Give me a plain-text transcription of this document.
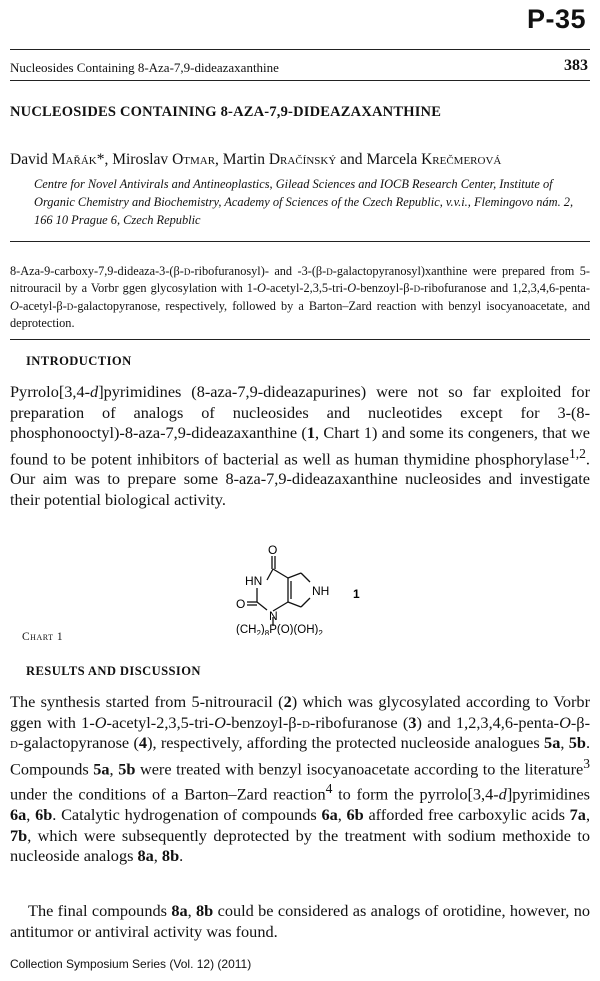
P-35
Nucleosides Containing 8-Aza-7,9-dideazaxanthine	383
NUCLEOSIDES CONTAINING 8-AZA-7,9-DIDEAZAXANTHINE
David Mařák*, Miroslav Otmar, Martin Dračínský and Marcela Krečmerová
Centre for Novel Antivirals and Antineoplastics, Gilead Sciences and IOCB Research Center, Institute of Organic Chemistry and Biochemistry, Academy of Sciences of the Czech Republic, v.v.i., Flemingovo nám. 2, 166 10 Prague 6, Czech Republic
8-Aza-9-carboxy-7,9-dideaza-3-(β-d-ribofuranosyl)- and -3-(β-d-galactopyranosyl)xanthine were prepared from 5-nitrouracil by a Vorbr ggen glycosylation with 1-O-acetyl-2,3,5-tri-O-benzoyl-β-d-ribofuranose and 1,2,3,4,6-penta-O-acetyl-β-d-galactopyranose, respectively, followed by a Barton–Zard reaction with benzyl isocyanoacetate, and deprotection.
INTRODUCTION
Pyrrolo[3,4-d]pyrimidines (8-aza-7,9-dideazapurines) were not so far exploited for preparation of analogs of nucleosides and nucleotides except for 3-(8-phosphonooctyl)-8-aza-7,9-dideazaxanthine (1, Chart 1) and some its congeners, that we found to be potent inhibitors of bacterial as well as human thymidine phosphorylase$^{1,2}$. Our aim was to prepare some 8-aza-7,9-dideazaxanthine nucleosides and investigate their potential biological activity.
O
HN
NH
O
N
1
$(CH_2)_8P(O)(OH)_2$
Chart 1
RESULTS AND DISCUSSION
The synthesis started from 5-nitrouracil (2) which was glycosylated according to Vorbr ggen with 1-O-acetyl-2,3,5-tri-O-benzoyl-β-d-ribofuranose (3) and 1,2,3,4,6-penta-O-β-d-galactopyranose (4), respectively, affording the protected nucleoside analogues 5a, 5b. Compounds 5a, 5b were treated with benzyl isocyanoacetate according to the literature$^3$ under the conditions of a Barton–Zard reaction$^4$ to form the pyrrolo[3,4-d]pyrimidines 6a, 6b. Catalytic hydrogenation of compounds 6a, 6b afforded free carboxylic acids 7a, 7b, which were subsequently deprotected by the treatment with sodium methoxide to nucleoside analogs 8a, 8b.
The final compounds 8a, 8b could be considered as analogs of orotidine, however, no antitumor or antiviral activity was found.
Collection Symposium Series (Vol. 12) (2011)
